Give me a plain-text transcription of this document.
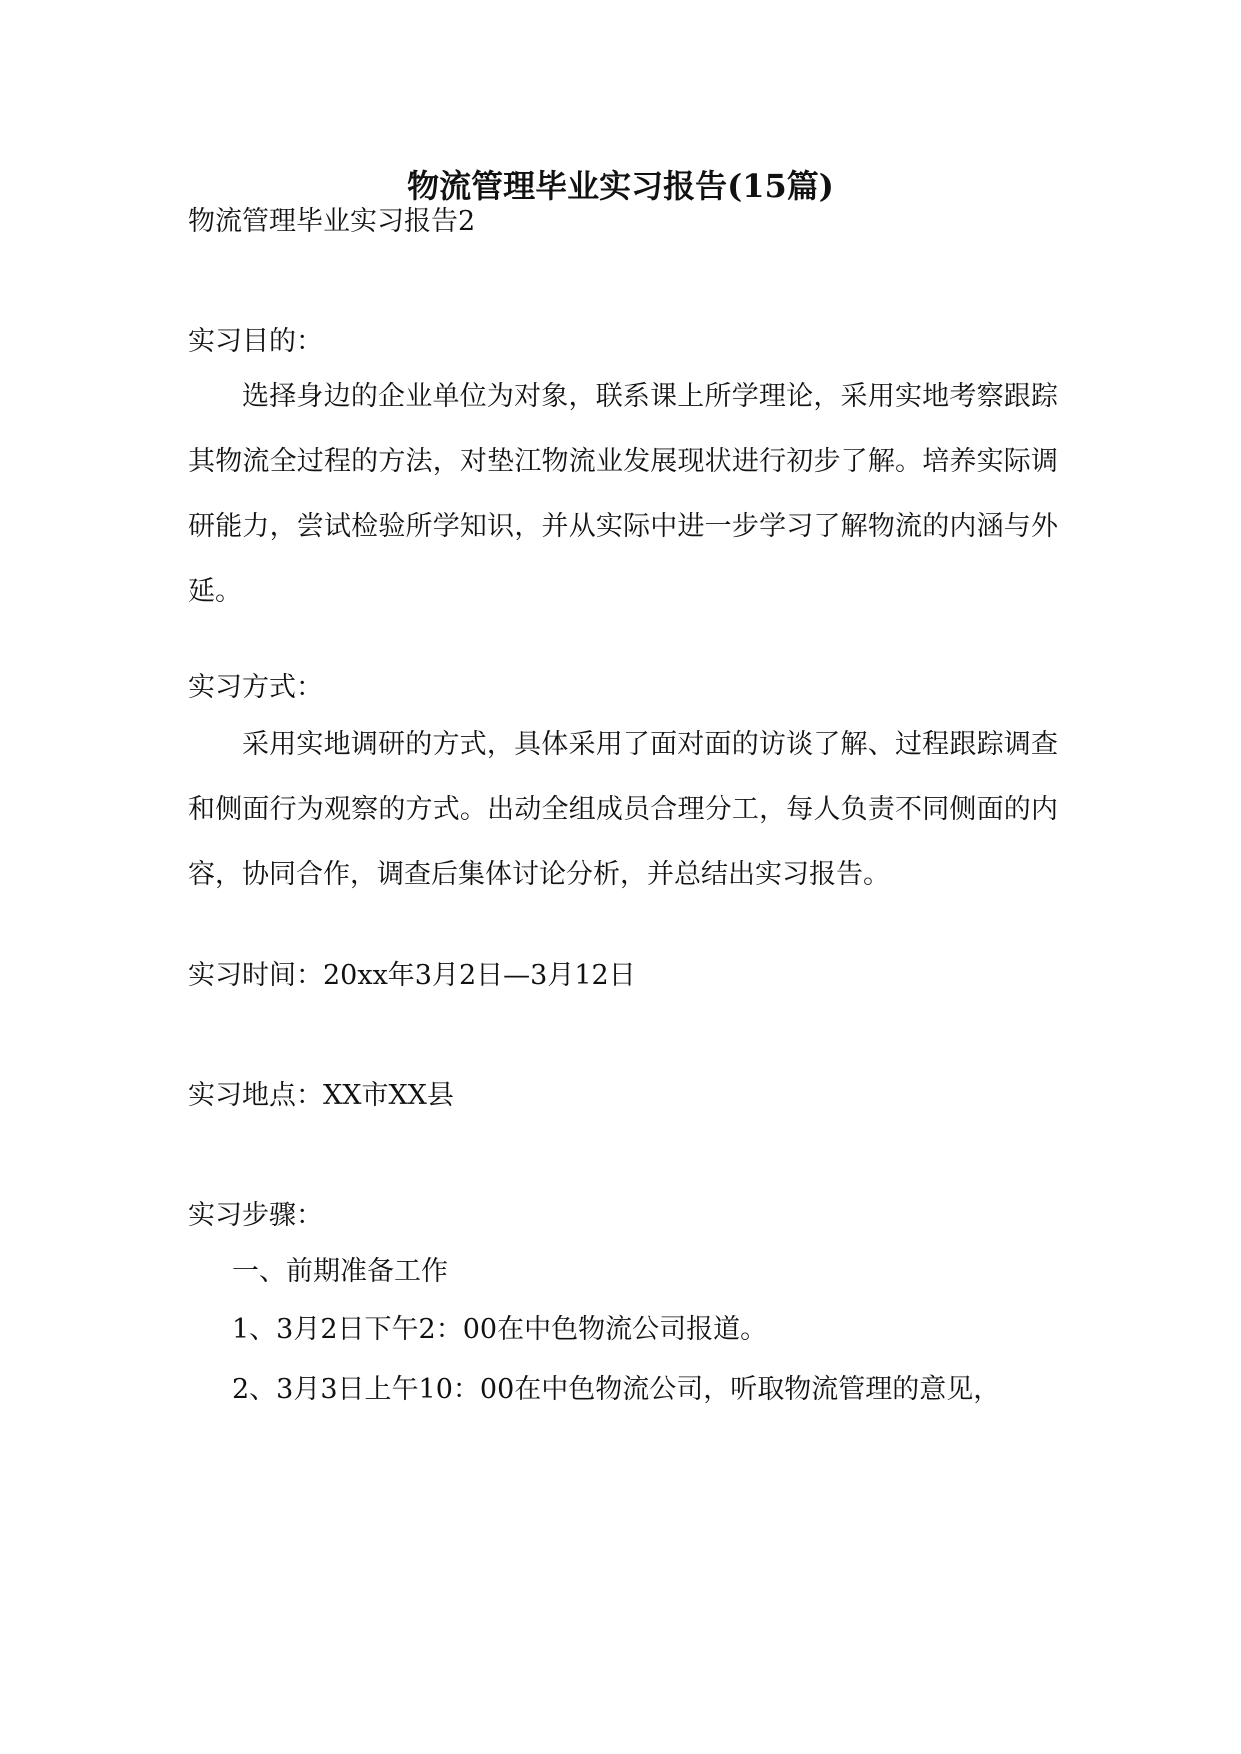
物流管理毕业实习报告(15篇)
物流管理毕业实习报告2
实习目的：
选择身边的企业单位为对象，联系课上所学理论，采用实地考察跟踪其物流全过程的方法，对垫江物流业发展现状进行初步了解。培养实际调研能力，尝试检验所学知识，并从实际中进一步学习了解物流的内涵与外延。
实习方式：
采用实地调研的方式，具体采用了面对面的访谈了解、过程跟踪调查和侧面行为观察的方式。出动全组成员合理分工，每人负责不同侧面的内容，协同合作，调查后集体讨论分析，并总结出实习报告。
实习时间：20xx年3月2日—3月12日
实习地点：XX市XX县
实习步骤：
一、前期准备工作
1、3月2日下午2：00在中色物流公司报道。
2、3月3日上午10：00在中色物流公司，听取物流管理的意见，
